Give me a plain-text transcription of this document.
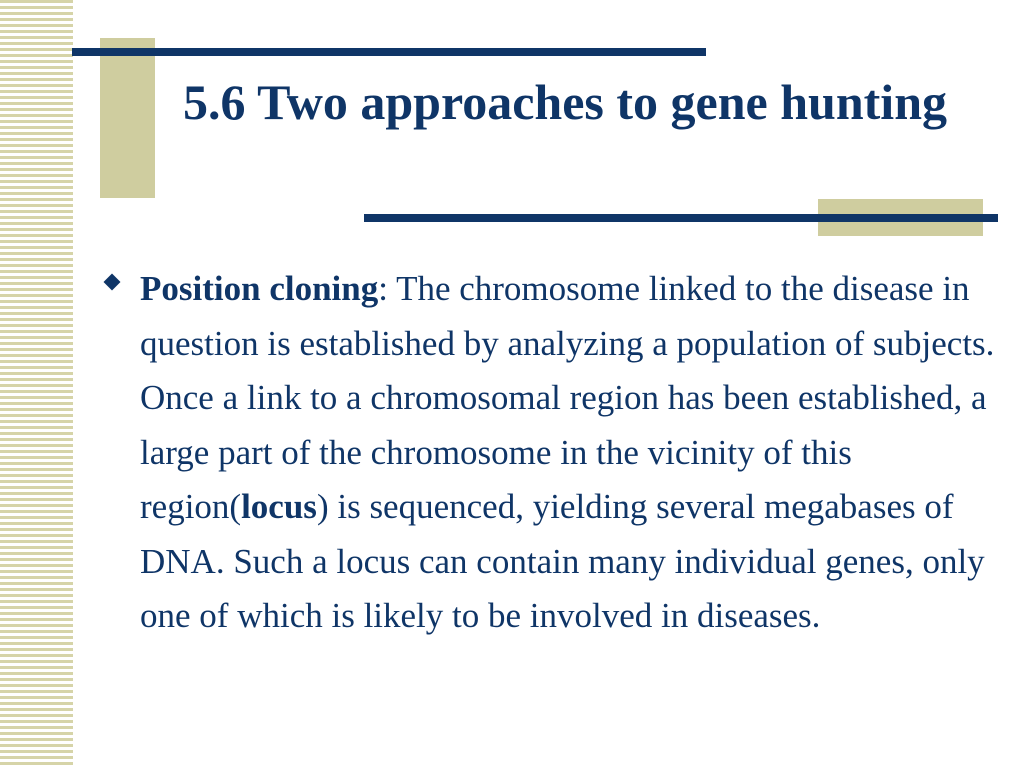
5.6 Two approaches to gene hunting

Position cloning: The chromosome linked to the disease in question is established by analyzing a population of subjects. Once a link to a chromosomal region has been established, a large part of the chromosome in the vicinity of this region(locus) is sequenced, yielding several megabases of DNA. Such a locus can contain many individual genes, only one of which is likely to be involved in diseases.
